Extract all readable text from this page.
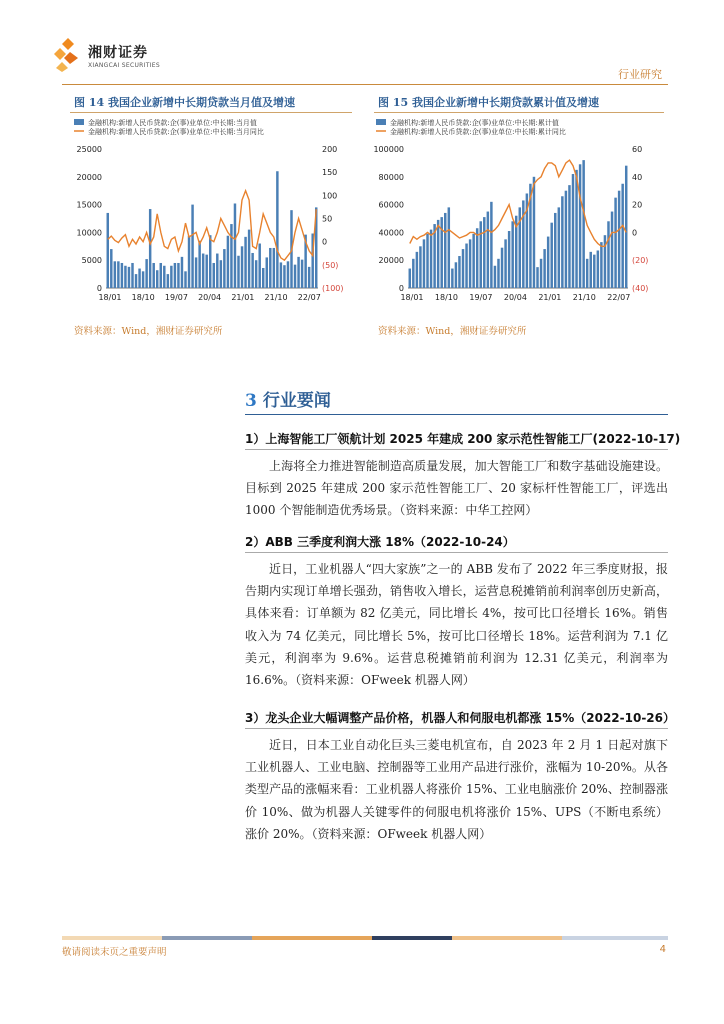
湘财证券
XIANGCAI SECURITIES
行业研究
图 14 我国企业新增中长期贷款当月值及增速
金融机构:新增人民币贷款:企(事)业单位:中长期:当月值
金融机构:新增人民币贷款:企(事)业单位:中长期:当月同比
0
5000
10000
15000
20000
25000
(100)
(50)
0
50
100
150
200
18/01 18/10 19/07 20/04 21/01 21/10 22/07
资料来源：Wind，湘财证券研究所
图 15 我国企业新增中长期贷款累计值及增速
金融机构:新增人民币贷款:企(事)业单位:中长期:累计值
金融机构:新增人民币贷款:企(事)业单位:中长期:累计同比
0
20000
40000
60000
80000
100000
(40)
(20)
0
20
40
60
18/01 18/10 19/07 20/04 21/01 21/10 22/07
资料来源：Wind，湘财证券研究所
3 行业要闻
1）上海智能工厂领航计划 2025 年建成 200 家示范性智能工厂(2022-10-17)
上海将全力推进智能制造高质量发展，加大智能工厂和数字基础设施建设。目标到 2025 年建成 200 家示范性智能工厂、20 家标杆性智能工厂，评选出 1000 个智能制造优秀场景。（资料来源：中华工控网）
2）ABB 三季度利润大涨 18%（2022-10-24）
近日，工业机器人“四大家族”之一的 ABB 发布了 2022 年三季度财报，报告期内实现订单增长强劲，销售收入增长，运营息税摊销前利润率创历史新高，具体来看：订单额为 82 亿美元，同比增长 4%，按可比口径增长 16%。销售收入为 74 亿美元，同比增长 5%，按可比口径增长 18%。运营利润为 7.1 亿美元，利润率为 9.6%。运营息税摊销前利润为 12.31 亿美元，利润率为 16.6%。（资料来源：OFweek 机器人网）
3）龙头企业大幅调整产品价格，机器人和伺服电机都涨 15%（2022-10-26）
近日，日本工业自动化巨头三菱电机宣布，自 2023 年 2 月 1 日起对旗下工业机器人、工业电脑、控制器等工业用产品进行涨价，涨幅为 10-20%。从各类型产品的涨幅来看：工业机器人将涨价 15%、工业电脑涨价 20%、控制器涨价 10%、做为机器人关键零件的伺服电机将涨价 15%、UPS（不断电系统）涨价 20%。（资料来源：OFweek 机器人网）
敬请阅读末页之重要声明	4
